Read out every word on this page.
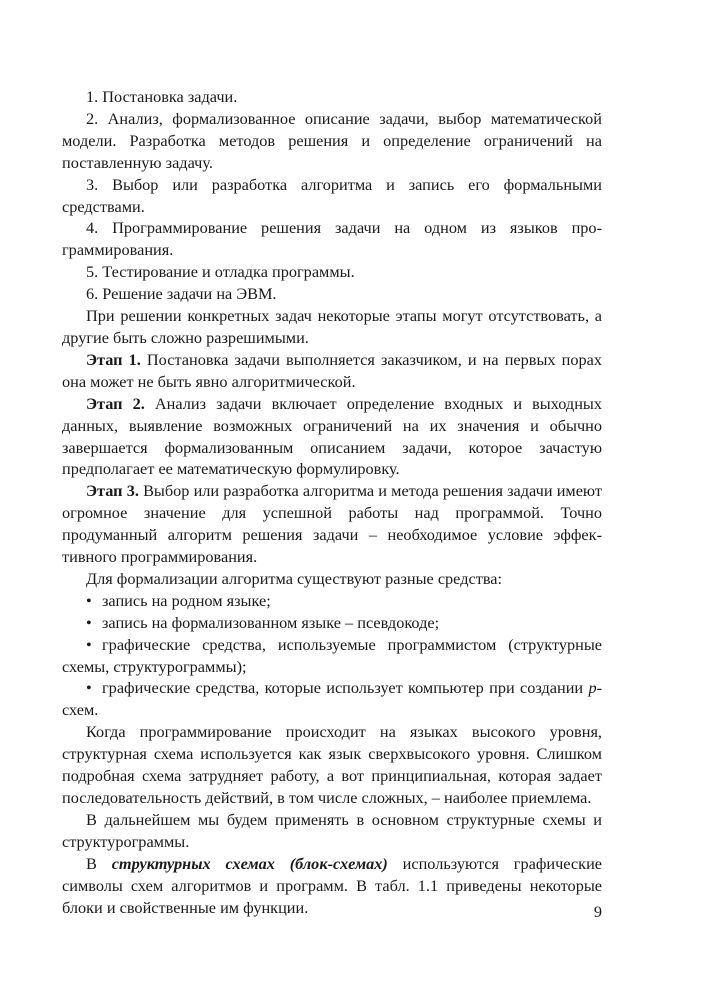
1. Постановка задачи.

2. Анализ, формализованное описание задачи, выбор математической модели. Разработка методов решения и определение ограничений на поставленную задачу.

3. Выбор или разработка алгоритма и запись его формальными средствами.

4. Программирование решения задачи на одном из языков программирования.

5. Тестирование и отладка программы.

6. Решение задачи на ЭВМ.

При решении конкретных задач некоторые этапы могут отсутствовать, а другие быть сложно разрешимыми.

Этап 1. Постановка задачи выполняется заказчиком, и на первых порах она может не быть явно алгоритмической.

Этап 2. Анализ задачи включает определение входных и выходных данных, выявление возможных ограничений на их значения и обычно завершается формализованным описанием задачи, которое зачастую предполагает ее математическую формулировку.

Этап 3. Выбор или разработка алгоритма и метода решения задачи имеют огромное значение для успешной работы над программой. Точно продуманный алгоритм решения задачи – необходимое условие эффективного программирования.

Для формализации алгоритма существуют разные средства:

• запись на родном языке;

• запись на формализованном языке – псевдокоде;

• графические средства, используемые программистом (структурные схемы, структурограммы);

• графические средства, которые использует компьютер при создании p-схем.

Когда программирование происходит на языках высокого уровня, структурная схема используется как язык сверхвысокого уровня. Слишком подробная схема затрудняет работу, а вот принципиальная, которая задает последовательность действий, в том числе сложных, – наиболее приемлема.

В дальнейшем мы будем применять в основном структурные схемы и структурограммы.

В структурных схемах (блок-схемах) используются графические символы схем алгоритмов и программ. В табл. 1.1 приведены некоторые блоки и свойственные им функции.	9
